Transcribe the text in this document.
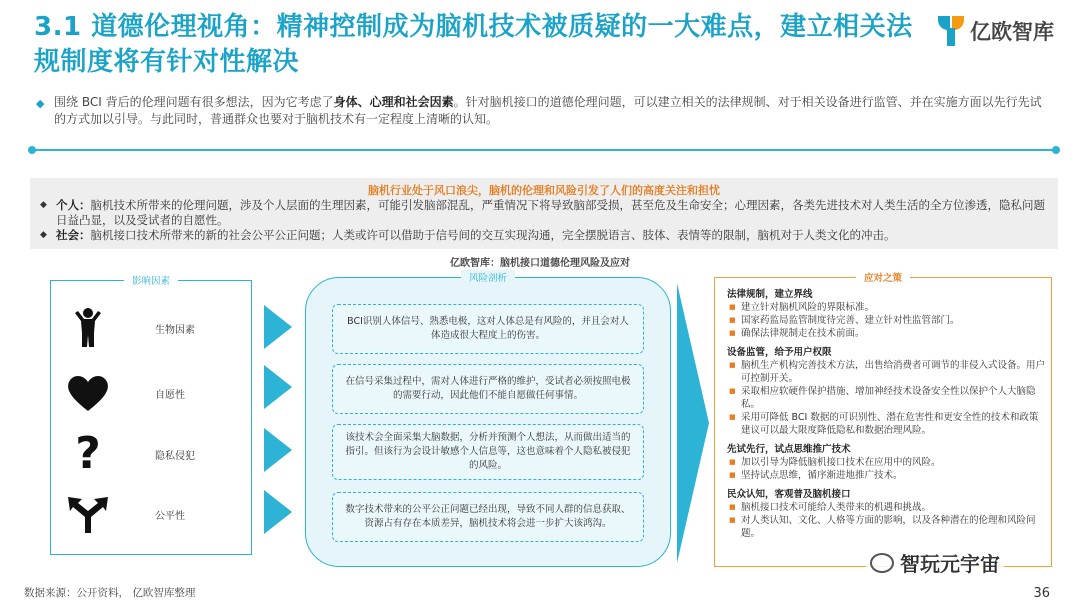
3.1 道德伦理视角：精神控制成为脑机技术被质疑的一大难点，建立相关法规制度将有针对性解决
亿欧智库
◆ 围绕 BCI 背后的伦理问题有很多想法，因为它考虑了身体、心理和社会因素。针对脑机接口的道德伦理问题，可以建立相关的法律规制、对于相关设备进行监管、并在实施方面以先行先试的方式加以引导。与此同时，普通群众也要对于脑机技术有一定程度上清晰的认知。

脑机行业处于风口浪尖，脑机的伦理和风险引发了人们的高度关注和担忧
◆ 个人：脑机技术所带来的伦理问题，涉及个人层面的生理因素，可能引发脑部混乱，严重情况下将导致脑部受损，甚至危及生命安全；心理因素，各类先进技术对人类生活的全方位渗透，隐私问题日益凸显，以及受试者的自愿性。
◆ 社会：脑机接口技术所带来的新的社会公平公正问题；人类或许可以借助于信号间的交互实现沟通，完全摆脱语言、肢体、表情等的限制，脑机对于人类文化的冲击。
亿欧智库：脑机接口道德伦理风险及应对
影响因素
生物因素
自愿性
?	隐私侵犯
公平性
风险剖析
BCI识别人体信号、熟悉电极，这对人体总是有风险的，并且会对人体造成很大程度上的伤害。
在信号采集过程中，需对人体进行严格的维护，受试者必须按照电极的需要行动，因此他们不能自愿做任何事情。
该技术会全面采集大脑数据，分析并预测个人想法，从而做出适当的指引。但该行为会设计敏感个人信息等，这也意味着个人隐私被侵犯的风险。
数字技术带来的公平公正问题已经出现，导致不同人群的信息获取、资源占有存在本质差异，脑机技术将会进一步扩大该鸿沟。
应对之策
法律规制，建立界线
■ 建立针对脑机风险的界限标准。
■ 国家药监局监管制度待完善、建立针对性监管部门。
■ 确保法律规制走在技术前面。
设备监管，给予用户权限
■ 脑机生产机构完善技术方法，出售给消费者可调节的非侵入式设备。用户可控制开关。
■ 采取相应软硬件保护措施、增加神经技术设备安全性以保护个人大脑隐私。
■ 采用可降低 BCI 数据的可识别性、潜在危害性和更安全性的技术和政策建议可以最大限度降低隐私和数据治理风险。
先试先行，试点思维推广技术
■ 加以引导为降低脑机接口技术在应用中的风险。
■ 坚持试点思维，循序渐进地推广技术。
民众认知，客观普及脑机接口
■ 脑机接口技术可能给人类带来的机遇和挑战。
■ 对人类认知、文化、人格等方面的影响，以及各种潜在的伦理和风险问题。
智玩元宇宙
数据来源：公开资料， 亿欧智库整理	36
